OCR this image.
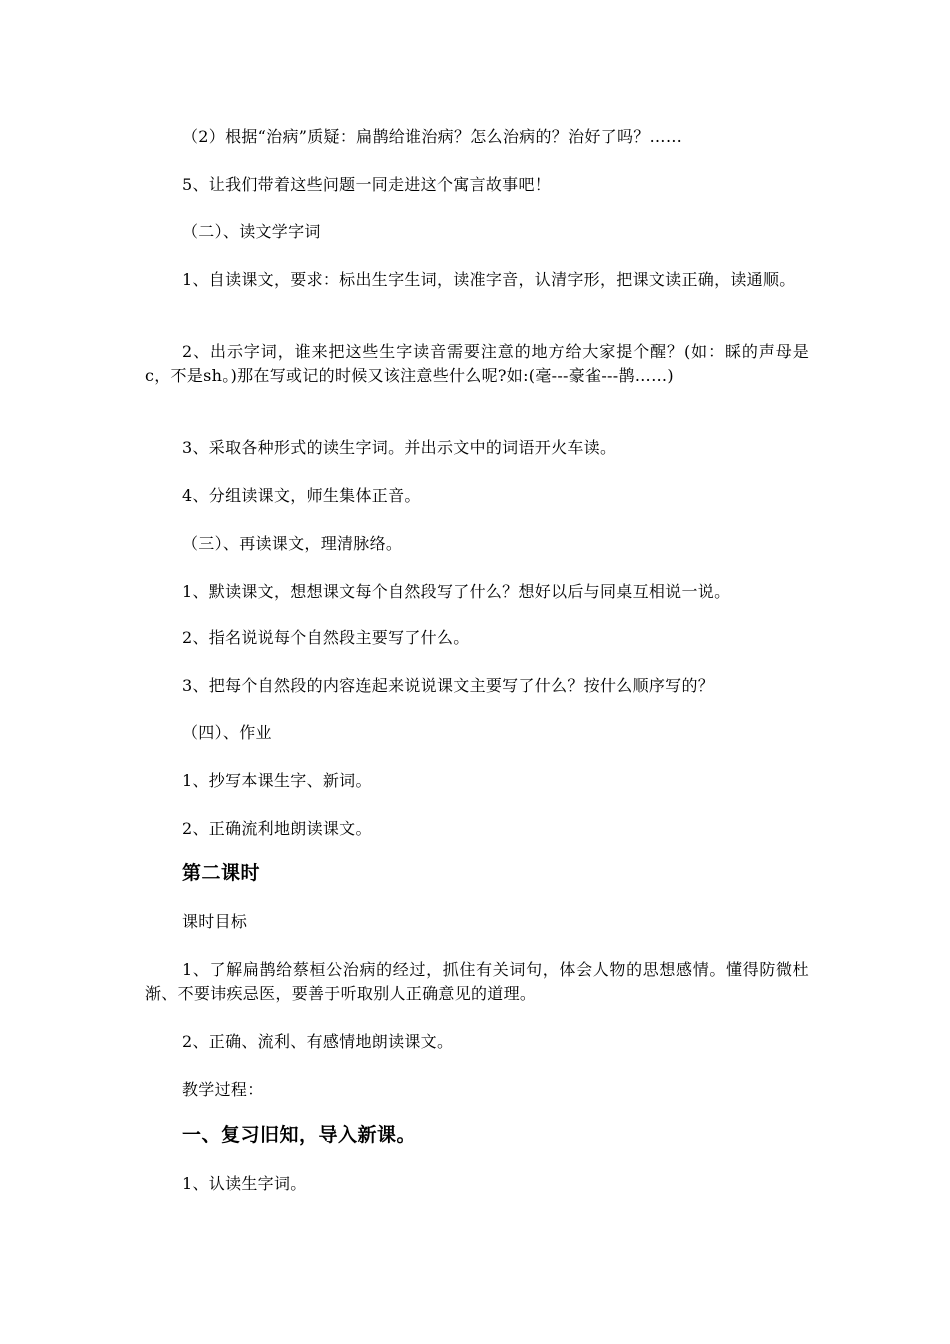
（2）根据“治病”质疑：扁鹊给谁治病？怎么治病的？治好了吗？……
5、让我们带着这些问题一同走进这个寓言故事吧！
（二）、读文学字词
1、自读课文，要求：标出生字生词，读准字音，认清字形，把课文读正确，读通顺。
2、出示字词，谁来把这些生字读音需要注意的地方给大家提个醒？(如：睬的声母是c，不是sh。)那在写或记的时候又该注意些什么呢?如:(毫---豪雀---鹊……)
3、采取各种形式的读生字词。并出示文中的词语开火车读。
4、分组读课文，师生集体正音。
（三）、再读课文，理清脉络。
1、默读课文，想想课文每个自然段写了什么？想好以后与同桌互相说一说。
2、指名说说每个自然段主要写了什么。
3、把每个自然段的内容连起来说说课文主要写了什么？按什么顺序写的？
（四）、作业
1、抄写本课生字、新词。
2、正确流利地朗读课文。
第二课时
课时目标
1、了解扁鹊给蔡桓公治病的经过，抓住有关词句，体会人物的思想感情。懂得防微杜渐、不要讳疾忌医，要善于听取别人正确意见的道理。
2、正确、流利、有感情地朗读课文。
教学过程：
一、复习旧知，导入新课。
1、认读生字词。
